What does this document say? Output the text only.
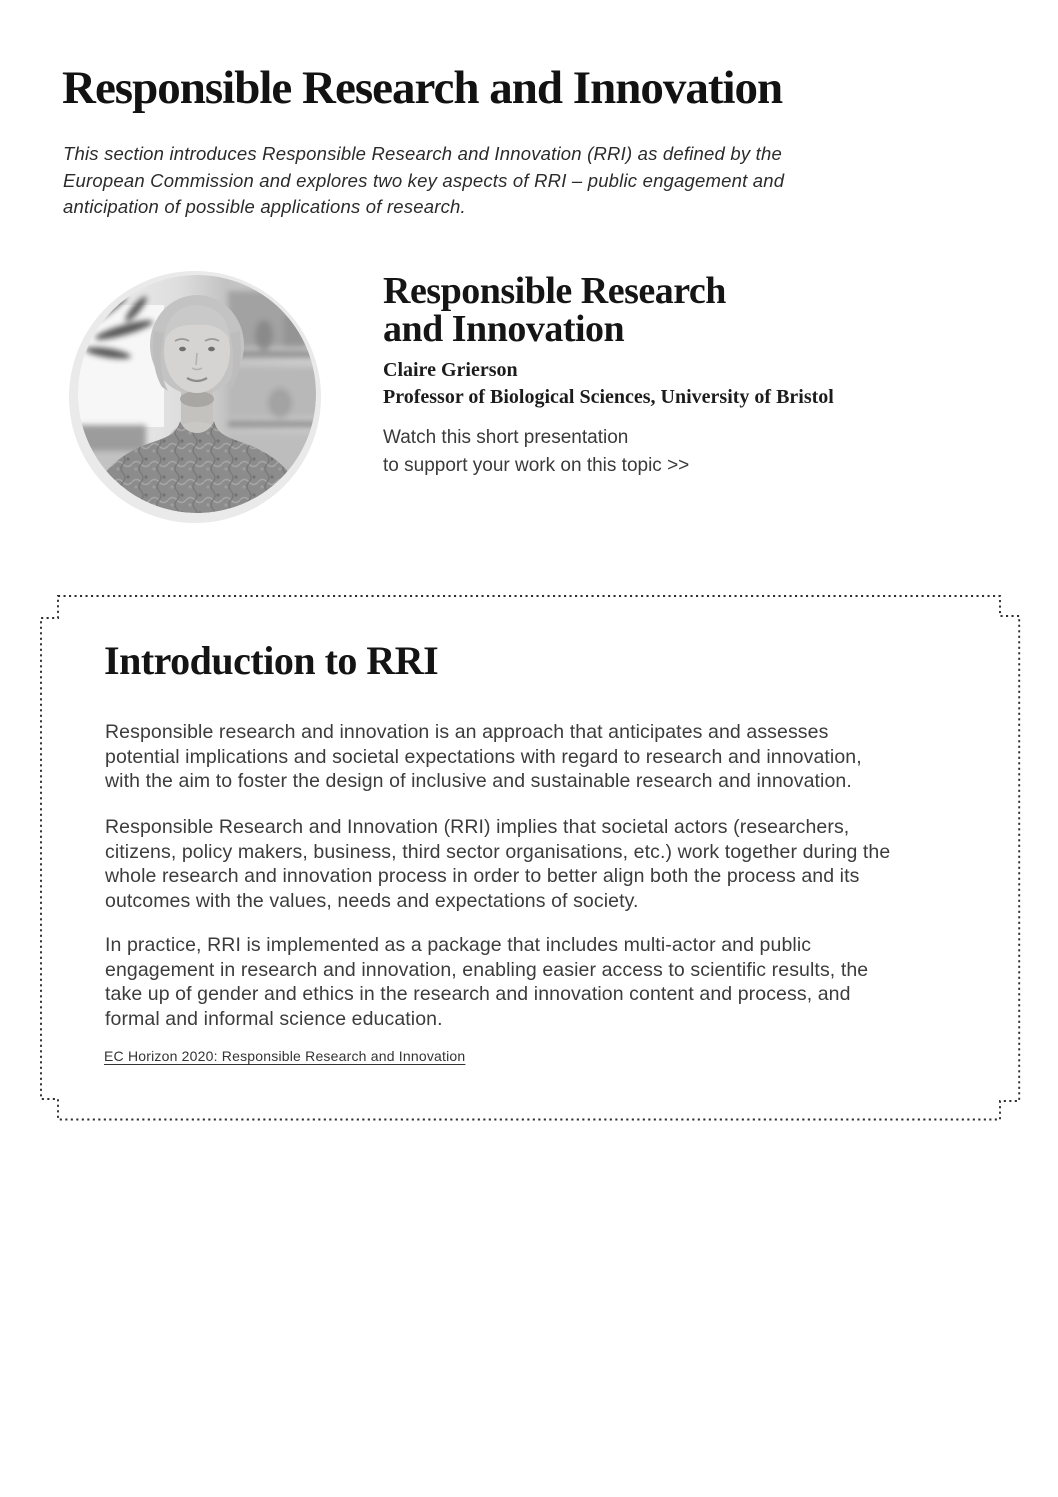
Responsible Research and Innovation
This section introduces Responsible Research and Innovation (RRI) as defined by the
European Commission and explores two key aspects of RRI – public engagement and
anticipation of possible applications of research.
Responsible Research
and Innovation
Claire Grierson
Professor of Biological Sciences, University of Bristol
Watch this short presentation
to support your work on this topic >>
Introduction to RRI
Responsible research and innovation is an approach that anticipates and assesses
potential implications and societal expectations with regard to research and innovation,
with the aim to foster the design of inclusive and sustainable research and innovation.
Responsible Research and Innovation (RRI) implies that societal actors (researchers,
citizens, policy makers, business, third sector organisations, etc.) work together during the
whole research and innovation process in order to better align both the process and its
outcomes with the values, needs and expectations of society.
In practice, RRI is implemented as a package that includes multi-actor and public
engagement in research and innovation, enabling easier access to scientific results, the
take up of gender and ethics in the research and innovation content and process, and
formal and informal science education.
EC Horizon 2020: Responsible Research and Innovation
